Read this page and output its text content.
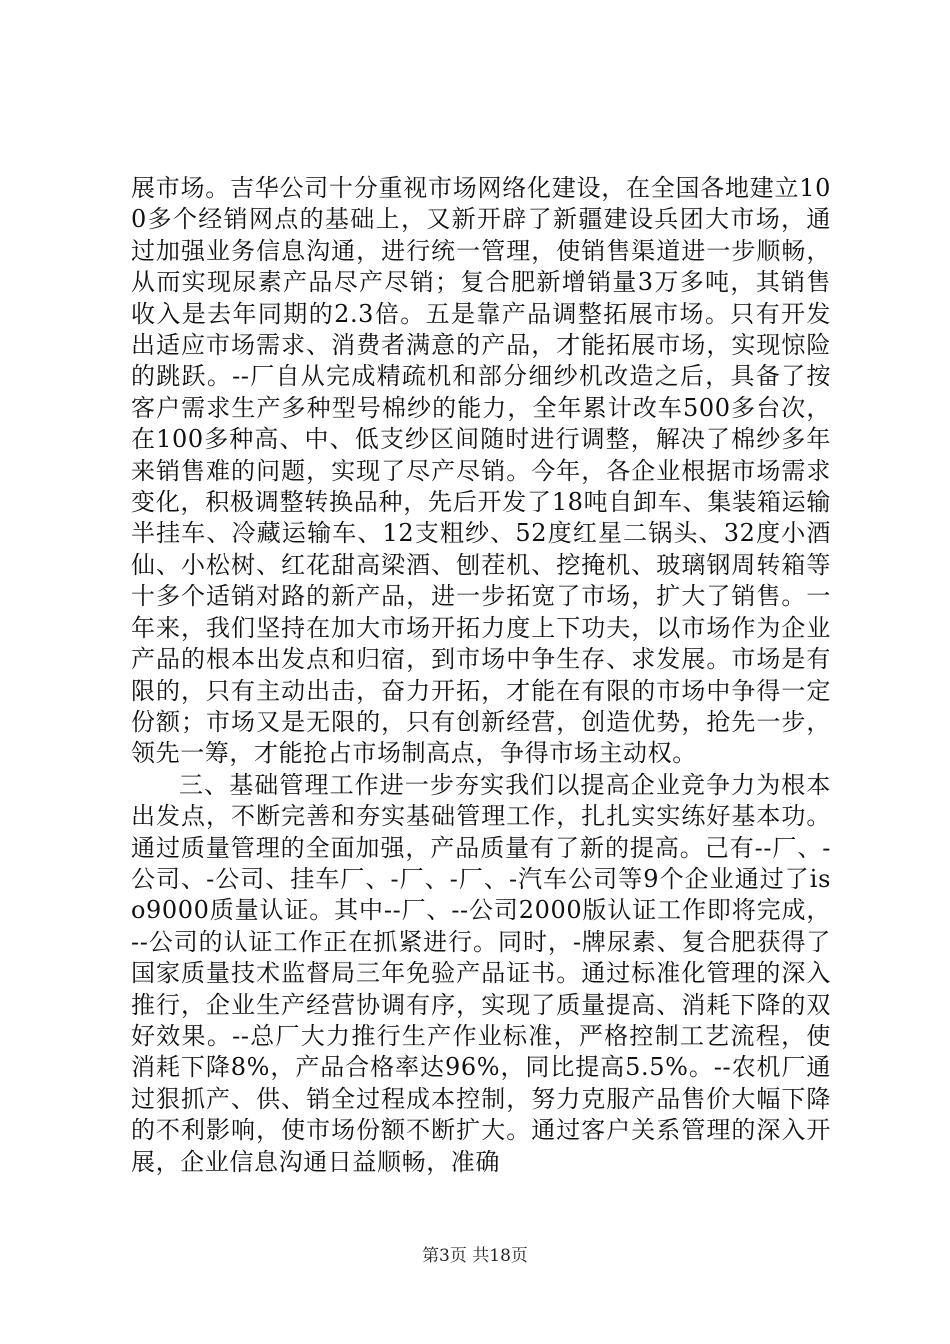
展市场。吉华公司十分重视市场网络化建设，在全国各地建立100多个经销网点的基础上，又新开辟了新疆建设兵团大市场，通过加强业务信息沟通，进行统一管理，使销售渠道进一步顺畅，从而实现尿素产品尽产尽销；复合肥新增销量3万多吨，其销售收入是去年同期的2.3倍。五是靠产品调整拓展市场。只有开发出适应市场需求、消费者满意的产品，才能拓展市场，实现惊险的跳跃。--厂自从完成精疏机和部分细纱机改造之后，具备了按客户需求生产多种型号棉纱的能力，全年累计改车500多台次，在100多种高、中、低支纱区间随时进行调整，解决了棉纱多年来销售难的问题，实现了尽产尽销。今年，各企业根据市场需求变化，积极调整转换品种，先后开发了18吨自卸车、集装箱运输半挂车、冷藏运输车、12支粗纱、52度红星二锅头、32度小酒仙、小松树、红花甜高梁酒、刨茬机、挖掩机、玻璃钢周转箱等十多个适销对路的新产品，进一步拓宽了市场，扩大了销售。一年来，我们坚持在加大市场开拓力度上下功夫，以市场作为企业产品的根本出发点和归宿，到市场中争生存、求发展。市场是有限的，只有主动出击，奋力开拓，才能在有限的市场中争得一定份额；市场又是无限的，只有创新经营，创造优势，抢先一步，领先一筹，才能抢占市场制高点，争得市场主动权。

三、基础管理工作进一步夯实我们以提高企业竞争力为根本出发点，不断完善和夯实基础管理工作，扎扎实实练好基本功。通过质量管理的全面加强，产品质量有了新的提高。己有--厂、-公司、-公司、挂车厂、-厂、-厂、-汽车公司等9个企业通过了iso9000质量认证。其中--厂、--公司2000版认证工作即将完成，--公司的认证工作正在抓紧进行。同时，-牌尿素、复合肥获得了国家质量技术监督局三年免验产品证书。通过标准化管理的深入推行，企业生产经营协调有序，实现了质量提高、消耗下降的双好效果。--总厂大力推行生产作业标准，严格控制工艺流程，使消耗下降8%，产品合格率达96%，同比提高5.5%。--农机厂通过狠抓产、供、销全过程成本控制，努力克服产品售价大幅下降的不利影响，使市场份额不断扩大。通过客户关系管理的深入开展，企业信息沟通日益顺畅，准确

第3页 共18页
